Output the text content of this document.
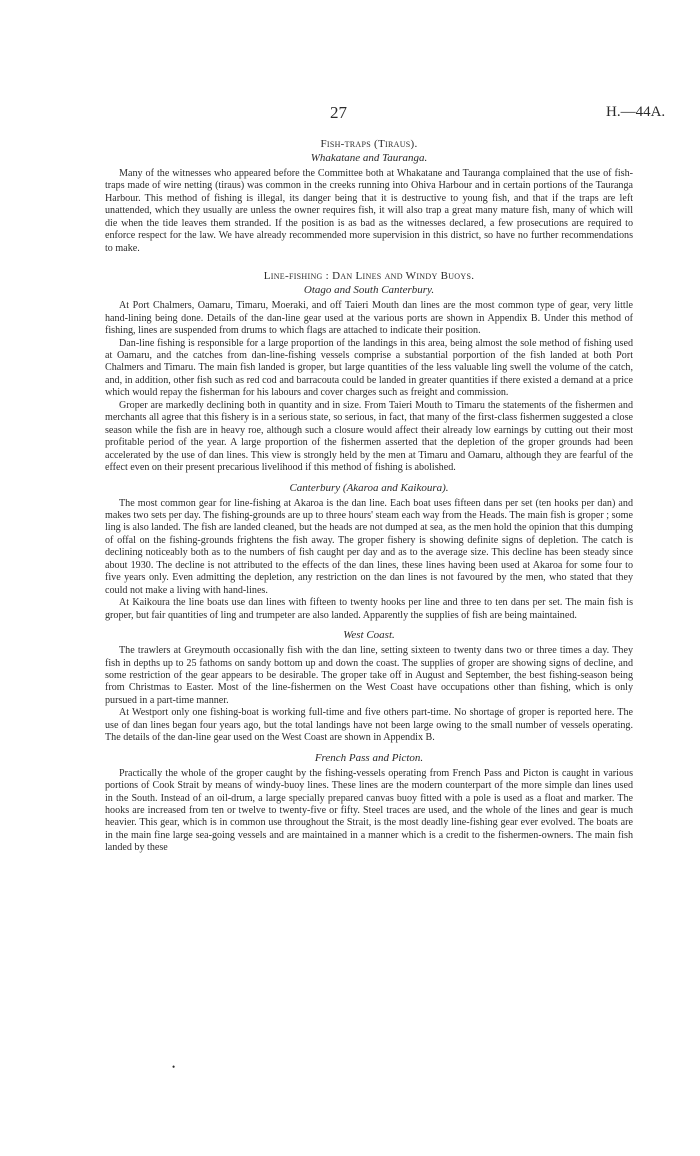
27	H.—44A.
Fish-traps (Tiraus).
Whakatane and Tauranga.

Many of the witnesses who appeared before the Committee both at Whakatane and Tauranga complained that the use of fish-traps made of wire netting (tiraus) was common in the creeks running into Ohiva Harbour and in certain portions of the Tauranga Harbour. This method of fishing is illegal, its danger being that it is destructive to young fish, and that if the traps are left unattended, which they usually are unless the owner requires fish, it will also trap a great many mature fish, many of which will die when the tide leaves them stranded. If the position is as bad as the witnesses declared, a few prosecutions are required to enforce respect for the law. We have already recommended more supervision in this district, so have no further recommendations to make.

Line-fishing : Dan Lines and Windy Buoys.
Otago and South Canterbury.

At Port Chalmers, Oamaru, Timaru, Moeraki, and off Taieri Mouth dan lines are the most common type of gear, very little hand-lining being done. Details of the dan-line gear used at the various ports are shown in Appendix B. Under this method of fishing, lines are suspended from drums to which flags are attached to indicate their position.

Dan-line fishing is responsible for a large proportion of the landings in this area, being almost the sole method of fishing used at Oamaru, and the catches from dan-line-fishing vessels comprise a substantial porportion of the fish landed at both Port Chalmers and Timaru. The main fish landed is groper, but large quantities of the less valuable ling swell the volume of the catch, and, in addition, other fish such as red cod and barracouta could be landed in greater quantities if there existed a demand at a price which would repay the fisherman for his labours and cover charges such as freight and commission.

Groper are markedly declining both in quantity and in size. From Taieri Mouth to Timaru the statements of the fishermen and merchants all agree that this fishery is in a serious state, so serious, in fact, that many of the first-class fishermen suggested a close season while the fish are in heavy roe, although such a closure would affect their already low earnings by cutting out their most profitable period of the year. A large proportion of the fishermen asserted that the depletion of the groper grounds had been accelerated by the use of dan lines. This view is strongly held by the men at Timaru and Oamaru, although they are fearful of the effect even on their present precarious livelihood if this method of fishing is abolished.

Canterbury (Akaroa and Kaikoura).

The most common gear for line-fishing at Akaroa is the dan line. Each boat uses fifteen dans per set (ten hooks per dan) and makes two sets per day. The fishing-grounds are up to three hours' steam each way from the Heads. The main fish is groper ; some ling is also landed. The fish are landed cleaned, but the heads are not dumped at sea, as the men hold the opinion that this dumping of offal on the fishing-grounds frightens the fish away. The groper fishery is showing definite signs of depletion. The catch is declining noticeably both as to the numbers of fish caught per day and as to the average size. This decline has been steady since about 1930. The decline is not attributed to the effects of the dan lines, these lines having been used at Akaroa for some four to five years only. Even admitting the depletion, any restriction on the dan lines is not favoured by the men, who stated that they could not make a living with hand-lines.

At Kaikoura the line boats use dan lines with fifteen to twenty hooks per line and three to ten dans per set. The main fish is groper, but fair quantities of ling and trumpeter are also landed. Apparently the supplies of fish are being maintained.

West Coast.

The trawlers at Greymouth occasionally fish with the dan line, setting sixteen to twenty dans two or three times a day. They fish in depths up to 25 fathoms on sandy bottom up and down the coast. The supplies of groper are showing signs of decline, and some restriction of the gear appears to be desirable. The groper take off in August and September, the best fishing-season being from Christmas to Easter. Most of the line-fishermen on the West Coast have occupations other than fishing, which is only pursued in a part-time manner.

At Westport only one fishing-boat is working full-time and five others part-time. No shortage of groper is reported here. The use of dan lines began four years ago, but the total landings have not been large owing to the small number of vessels operating. The details of the dan-line gear used on the West Coast are shown in Appendix B.

French Pass and Picton.

Practically the whole of the groper caught by the fishing-vessels operating from French Pass and Picton is caught in various portions of Cook Strait by means of windy-buoy lines. These lines are the modern counterpart of the more simple dan lines used in the South. Instead of an oil-drum, a large specially prepared canvas buoy fitted with a pole is used as a float and marker. The hooks are increased from ten or twelve to twenty-five or fifty. Steel traces are used, and the whole of the lines and gear is much heavier. This gear, which is in common use throughout the Strait, is the most deadly line-fishing gear ever evolved. The boats are in the main fine large sea-going vessels and are maintained in a manner which is a credit to the fishermen-owners. The main fish landed by these

•
